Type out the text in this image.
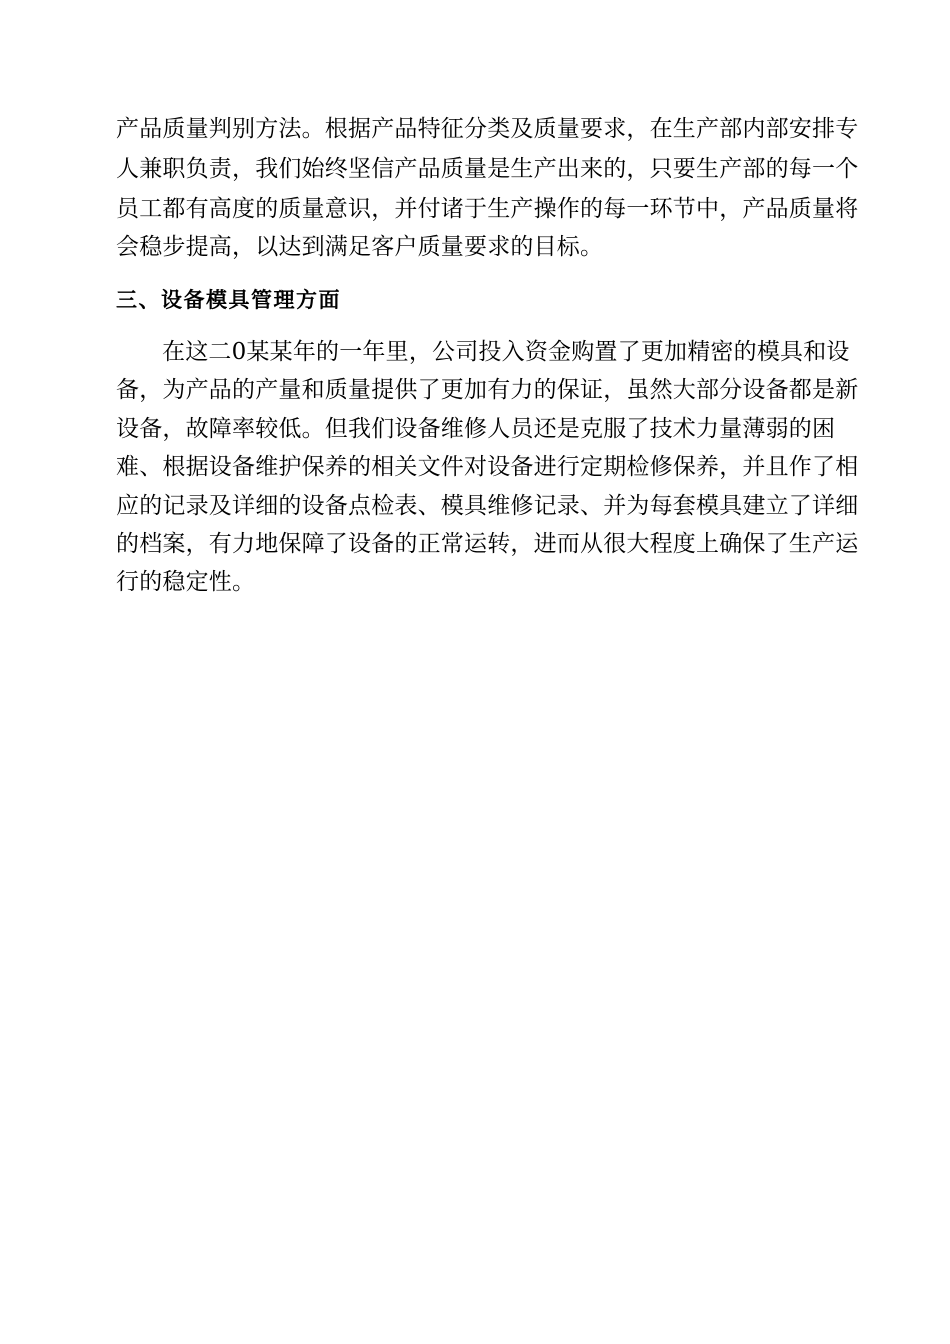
产品质量判别方法。根据产品特征分类及质量要求，在生产部内部安排专
人兼职负责，我们始终坚信产品质量是生产出来的，只要生产部的每一个
员工都有高度的质量意识，并付诸于生产操作的每一环节中，产品质量将
会稳步提高，以达到满足客户质量要求的目标。
三、设备模具管理方面
在这二0某某年的一年里，公司投入资金购置了更加精密的模具和设
备，为产品的产量和质量提供了更加有力的保证，虽然大部分设备都是新
设备，故障率较低。但我们设备维修人员还是克服了技术力量薄弱的困
难、根据设备维护保养的相关文件对设备进行定期检修保养，并且作了相
应的记录及详细的设备点检表、模具维修记录、并为每套模具建立了详细
的档案，有力地保障了设备的正常运转，进而从很大程度上确保了生产运
行的稳定性。
